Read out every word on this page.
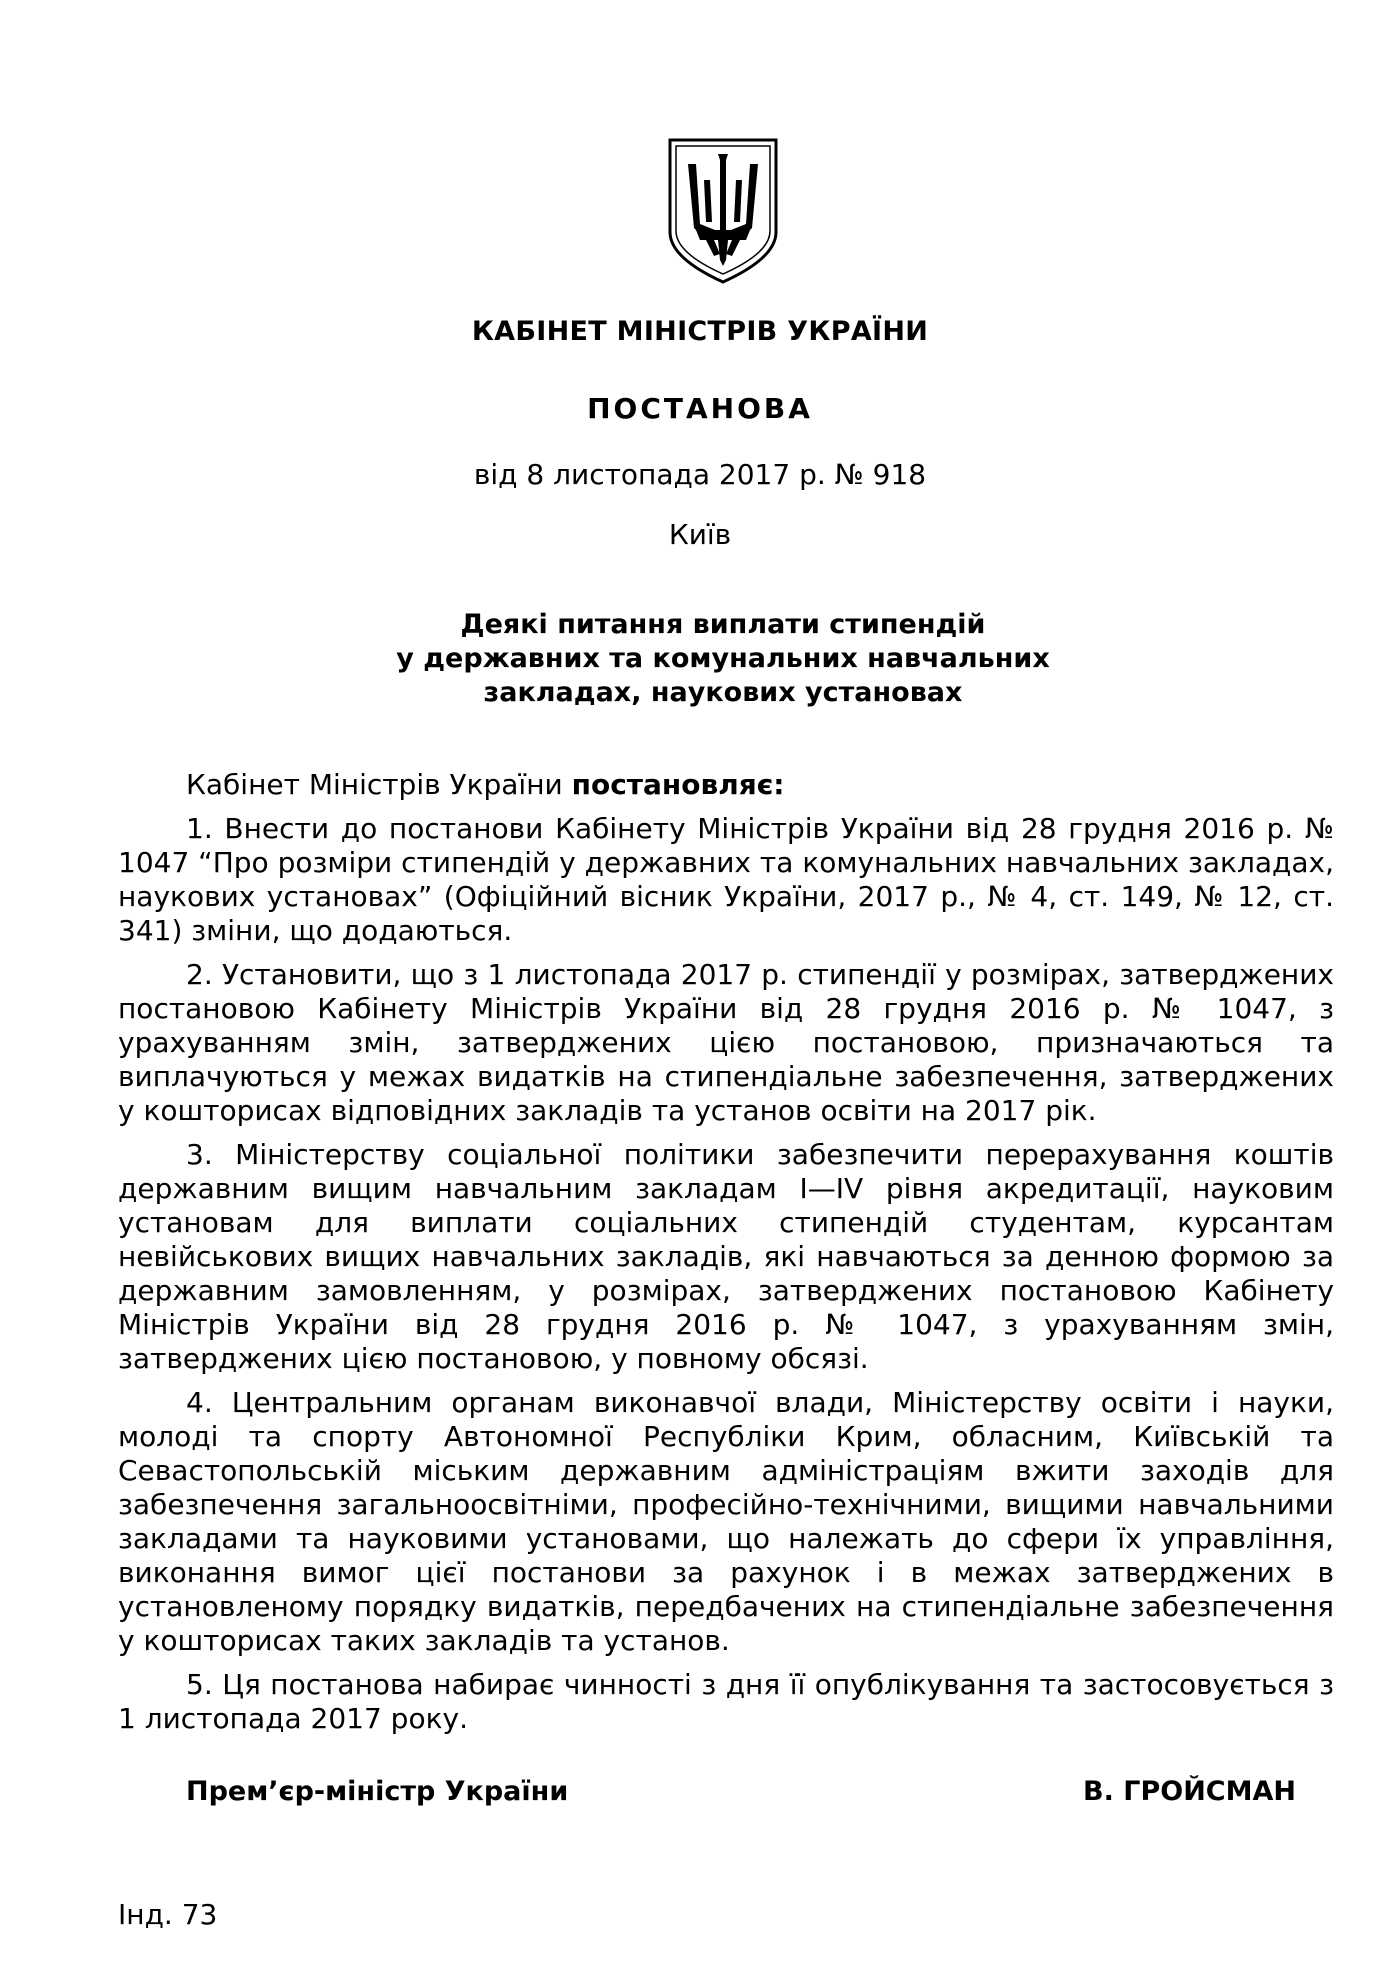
КАБІНЕТ МІНІСТРІВ УКРАЇНИ
ПОСТАНОВА
від 8 листопада 2017 р. № 918
Київ
Деякі питання виплати стипендій
у державних та комунальних навчальних
закладах, наукових установах

Кабінет Міністрів України постановляє:

1. Внести до постанови Кабінету Міністрів України від 28 грудня 2016 р. № 1047 “Про розміри стипендій у державних та комунальних навчальних закладах, наукових установах” (Офіційний вісник України, 2017 р., № 4, ст. 149, № 12, ст. 341) зміни, що додаються.

2. Установити, що з 1 листопада 2017 р. стипендії у розмірах, затверджених постановою Кабінету Міністрів України від 28 грудня 2016 р. № 1047, з урахуванням змін, затверджених цією постановою, призначаються та виплачуються у межах видатків на стипендіальне забезпечення, затверджених у кошторисах відповідних закладів та установ освіти на 2017 рік.

3. Міністерству соціальної політики забезпечити перерахування коштів державним вищим навчальним закладам I—IV рівня акредитації, науковим установам для виплати соціальних стипендій студентам, курсантам невійськових вищих навчальних закладів, які навчаються за денною формою за державним замовленням, у розмірах, затверджених постановою Кабінету Міністрів України від 28 грудня 2016 р. № 1047, з урахуванням змін, затверджених цією постановою, у повному обсязі.

4. Центральним органам виконавчої влади, Міністерству освіти і науки, молоді та спорту Автономної Республіки Крим, обласним, Київській та Севастопольській міським державним адміністраціям вжити заходів для забезпечення загальноосвітніми, професійно-технічними, вищими навчальними закладами та науковими установами, що належать до сфери їх управління, виконання вимог цієї постанови за рахунок і в межах затверджених в установленому порядку видатків, передбачених на стипендіальне забезпечення у кошторисах таких закладів та установ.

5. Ця постанова набирає чинності з дня її опублікування та застосовується з 1 листопада 2017 року.

Прем’єр-міністр України	В. ГРОЙСМАН
Інд. 73
